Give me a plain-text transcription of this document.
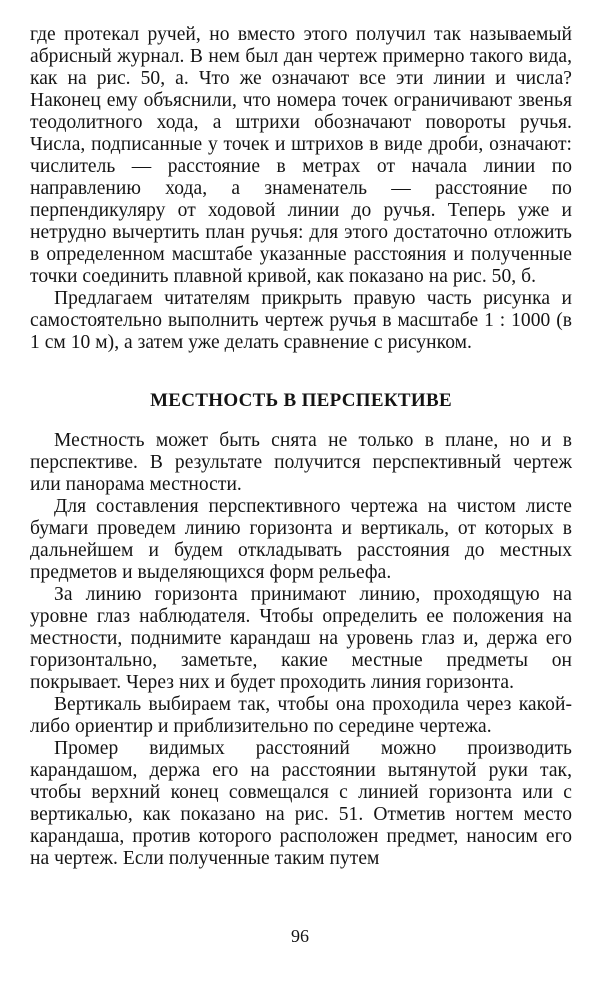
где протекал ручей, но вместо этого получил так называемый абрисный журнал. В нем был дан чертеж примерно такого вида, как на рис. 50, а. Что же означают все эти линии и числа? Наконец ему объяснили, что номера точек ограничивают звенья теодолитного хода, а штрихи обозначают повороты ручья. Числа, подписанные у точек и штрихов в виде дроби, означают: числитель — расстояние в метрах от начала линии по направлению хода, а знаменатель — расстояние по перпендикуляру от ходовой линии до ручья. Теперь уже и нетрудно вычертить план ручья: для этого достаточно отложить в определенном масштабе указанные расстояния и полученные точки соединить плавной кривой, как показано на рис. 50, б.

Предлагаем читателям прикрыть правую часть рисунка и самостоятельно выполнить чертеж ручья в масштабе 1 : 1000 (в 1 см 10 м), а затем уже делать сравнение с рисунком.

МЕСТНОСТЬ В ПЕРСПЕКТИВЕ

Местность может быть снята не только в плане, но и в перспективе. В результате получится перспективный чертеж или панорама местности.

Для составления перспективного чертежа на чистом листе бумаги проведем линию горизонта и вертикаль, от которых в дальнейшем и будем откладывать расстояния до местных предметов и выделяющихся форм рельефа.

За линию горизонта принимают линию, проходящую на уровне глаз наблюдателя. Чтобы определить ее положения на местности, поднимите карандаш на уровень глаз и, держа его горизонтально, заметьте, какие местные предметы он покрывает. Через них и будет проходить линия горизонта.

Вертикаль выбираем так, чтобы она проходила через какой-либо ориентир и приблизительно по середине чертежа.

Промер видимых расстояний можно производить карандашом, держа его на расстоянии вытянутой руки так, чтобы верхний конец совмещался с линией горизонта или с вертикалью, как показано на рис. 51. Отметив ногтем место карандаша, против которого расположен предмет, наносим его на чертеж. Если полученные таким путем

96
